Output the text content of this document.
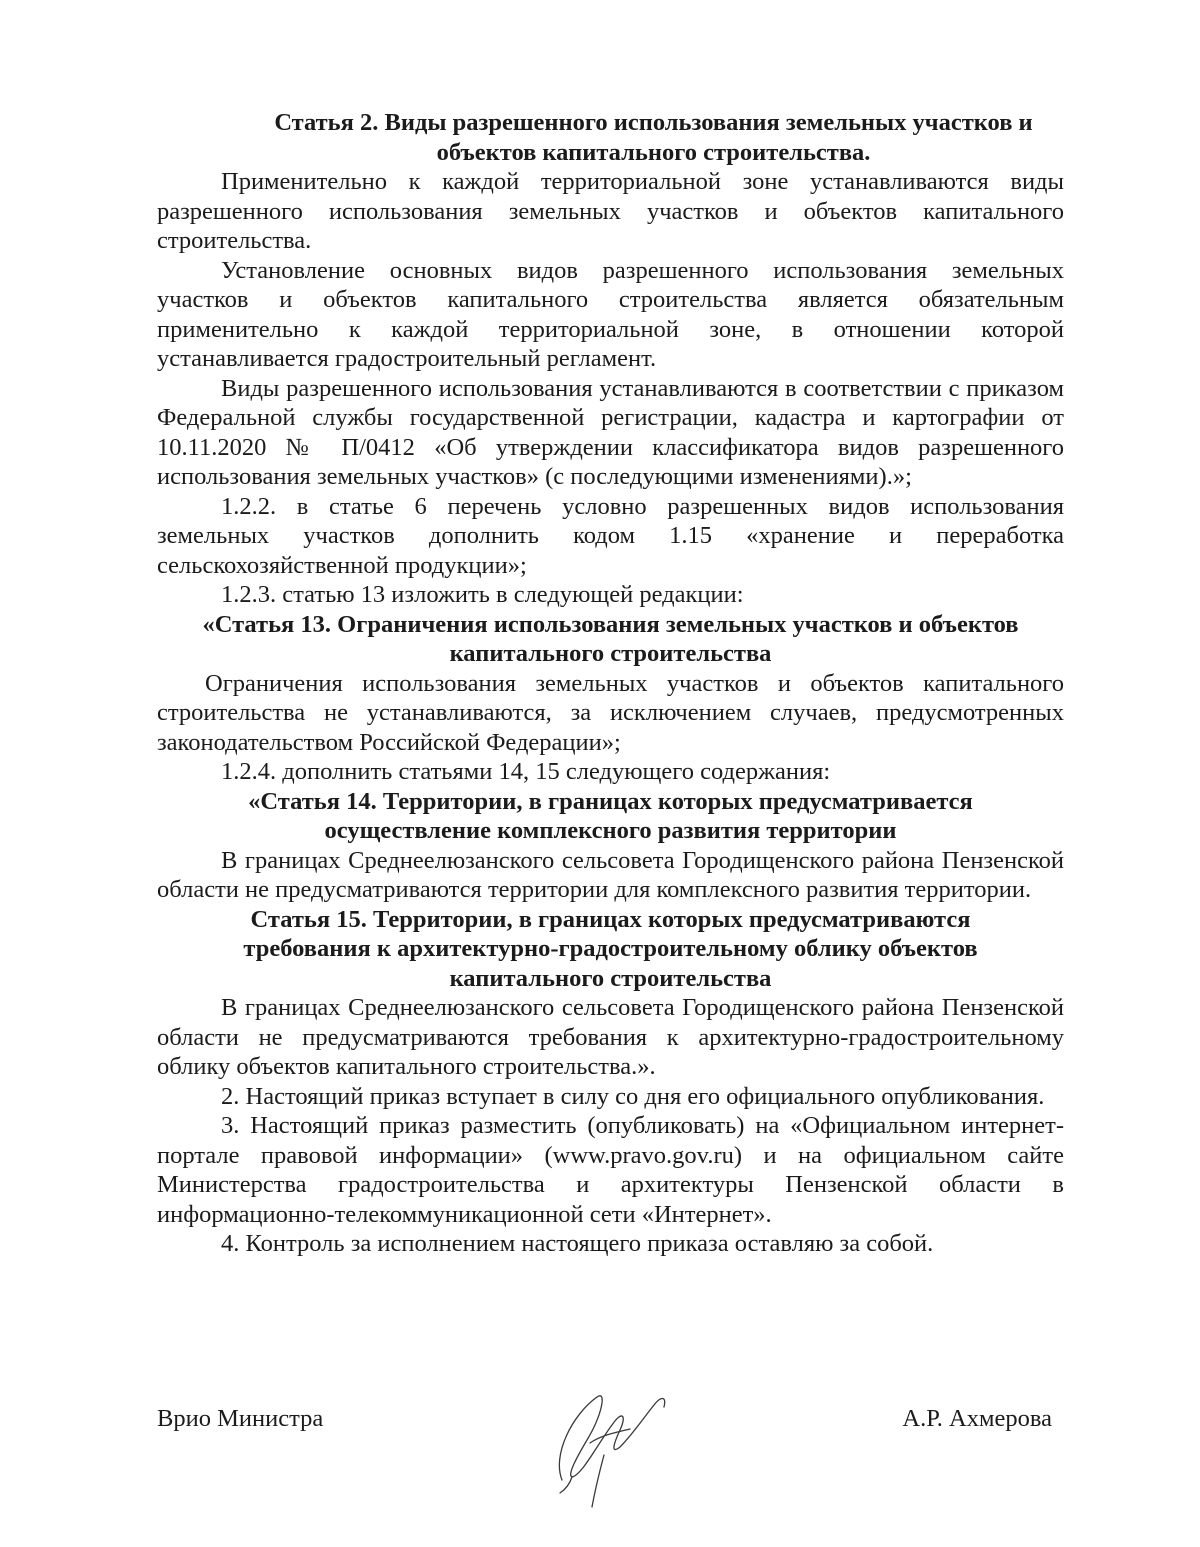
Статья 2. Виды разрешенного использования земельных участков и
объектов капитального строительства.
Применительно к каждой территориальной зоне устанавливаются виды разрешенного использования земельных участков и объектов капитального строительства.
Установление основных видов разрешенного использования земельных участков и объектов капитального строительства является обязательным применительно к каждой территориальной зоне, в отношении которой устанавливается градостроительный регламент.
Виды разрешенного использования устанавливаются в соответствии с приказом Федеральной службы государственной регистрации, кадастра и картографии от 10.11.2020 № П/0412 «Об утверждении классификатора видов разрешенного использования земельных участков» (с последующими изменениями).»;
1.2.2. в статье 6 перечень условно разрешенных видов использования земельных участков дополнить кодом 1.15 «хранение и переработка сельскохозяйственной продукции»;
1.2.3. статью 13 изложить в следующей редакции:
«Статья 13. Ограничения использования земельных участков и объектов
капитального строительства
Ограничения использования земельных участков и объектов капитального строительства не устанавливаются, за исключением случаев, предусмотренных законодательством Российской Федерации»;
1.2.4. дополнить статьями 14, 15 следующего содержания:
«Статья 14. Территории, в границах которых предусматривается
осуществление комплексного развития территории
В границах Среднеелюзанского сельсовета Городищенского района Пензенской области не предусматриваются территории для комплексного развития территории.
Статья 15. Территории, в границах которых предусматриваются
требования к архитектурно-градостроительному облику объектов
капитального строительства
В границах Среднеелюзанского сельсовета Городищенского района Пензенской области не предусматриваются требования к архитектурно-градостроительному облику объектов капитального строительства.».
2. Настоящий приказ вступает в силу со дня его официального опубликования.
3. Настоящий приказ разместить (опубликовать) на «Официальном интернет-портале правовой информации» (www.pravo.gov.ru) и на официальном сайте Министерства градостроительства и архитектуры Пензенской области в информационно-телекоммуникационной сети «Интернет».
4. Контроль за исполнением настоящего приказа оставляю за собой.
Врио Министра	А.Р. Ахмерова
